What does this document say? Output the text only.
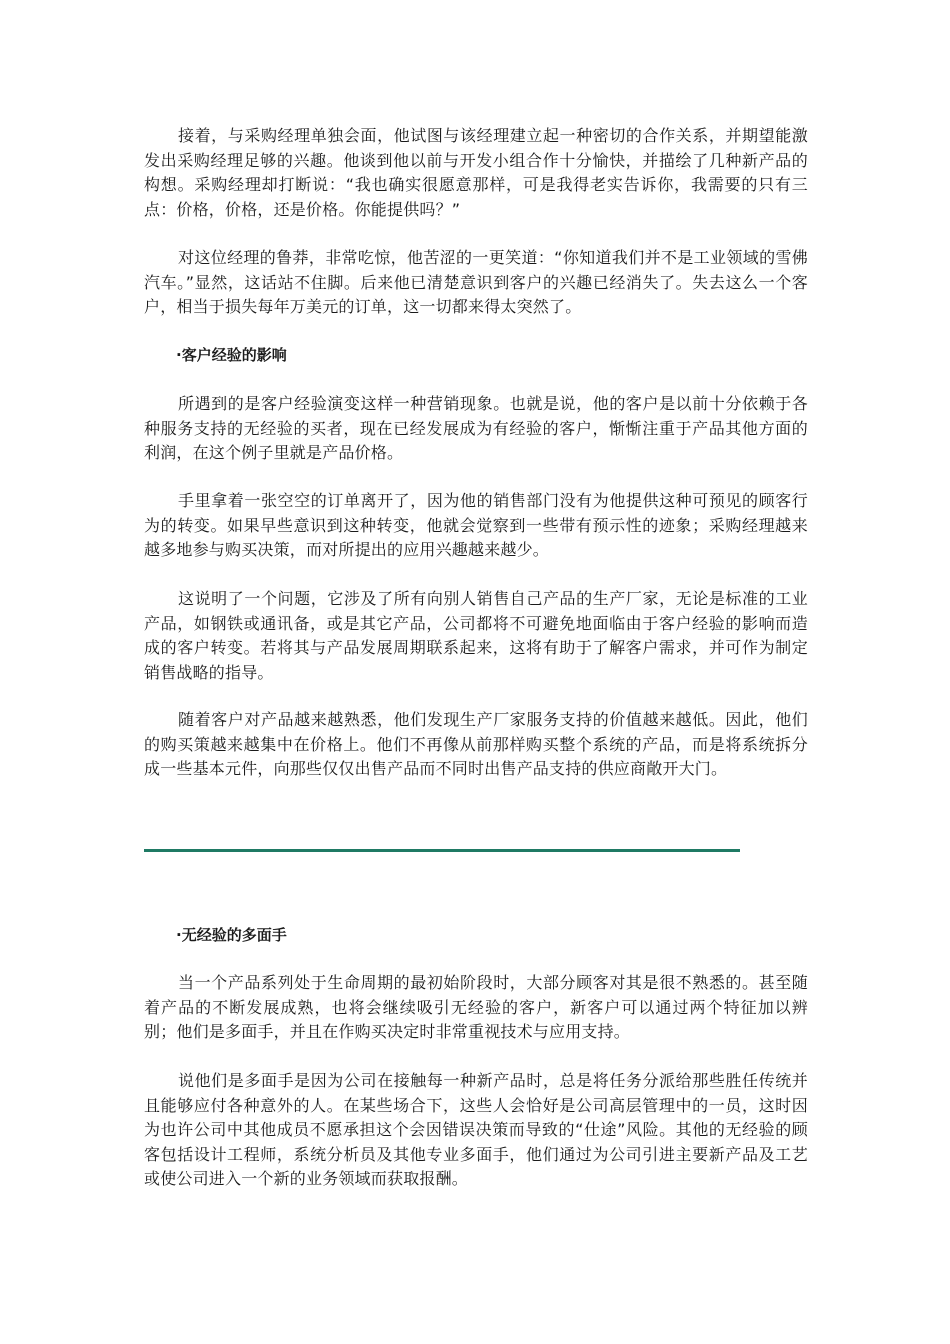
接着，与采购经理单独会面，他试图与该经理建立起一种密切的合作关系，并期望能激发出采购经理足够的兴趣。他谈到他以前与开发小组合作十分愉快，并描绘了几种新产品的构想。采购经理却打断说：“我也确实很愿意那样，可是我得老实告诉你，我需要的只有三点：价格，价格，还是价格。你能提供吗？”

对这位经理的鲁莽，非常吃惊，他苦涩的一更笑道：“你知道我们并不是工业领域的雪佛汽车。”显然，这话站不住脚。后来他已清楚意识到客户的兴趣已经消失了。失去这么一个客户，相当于损失每年万美元的订单，这一切都来得太突然了。

·客户经验的影响

所遇到的是客户经验演变这样一种营销现象。也就是说，他的客户是以前十分依赖于各种服务支持的无经验的买者，现在已经发展成为有经验的客户，惭惭注重于产品其他方面的利润，在这个例子里就是产品价格。

手里拿着一张空空的订单离开了，因为他的销售部门没有为他提供这种可预见的顾客行为的转变。如果早些意识到这种转变，他就会觉察到一些带有预示性的迹象；采购经理越来越多地参与购买决策，而对所提出的应用兴趣越来越少。

这说明了一个问题，它涉及了所有向别人销售自己产品的生产厂家，无论是标准的工业产品，如钢铁或通讯备，或是其它产品，公司都将不可避免地面临由于客户经验的影响而造成的客户转变。若将其与产品发展周期联系起来，这将有助于了解客户需求，并可作为制定销售战略的指导。

随着客户对产品越来越熟悉，他们发现生产厂家服务支持的价值越来越低。因此，他们的购买策越来越集中在价格上。他们不再像从前那样购买整个系统的产品，而是将系统拆分成一些基本元件，向那些仅仅出售产品而不同时出售产品支持的供应商敞开大门。

·无经验的多面手

当一个产品系列处于生命周期的最初始阶段时，大部分顾客对其是很不熟悉的。甚至随着产品的不断发展成熟，也将会继续吸引无经验的客户，新客户可以通过两个特征加以辨别；他们是多面手，并且在作购买决定时非常重视技术与应用支持。

说他们是多面手是因为公司在接触每一种新产品时，总是将任务分派给那些胜任传统并且能够应付各种意外的人。在某些场合下，这些人会恰好是公司高层管理中的一员，这时因为也许公司中其他成员不愿承担这个会因错误决策而导致的“仕途”风险。其他的无经验的顾客包括设计工程师，系统分析员及其他专业多面手，他们通过为公司引进主要新产品及工艺或使公司进入一个新的业务领域而获取报酬。
